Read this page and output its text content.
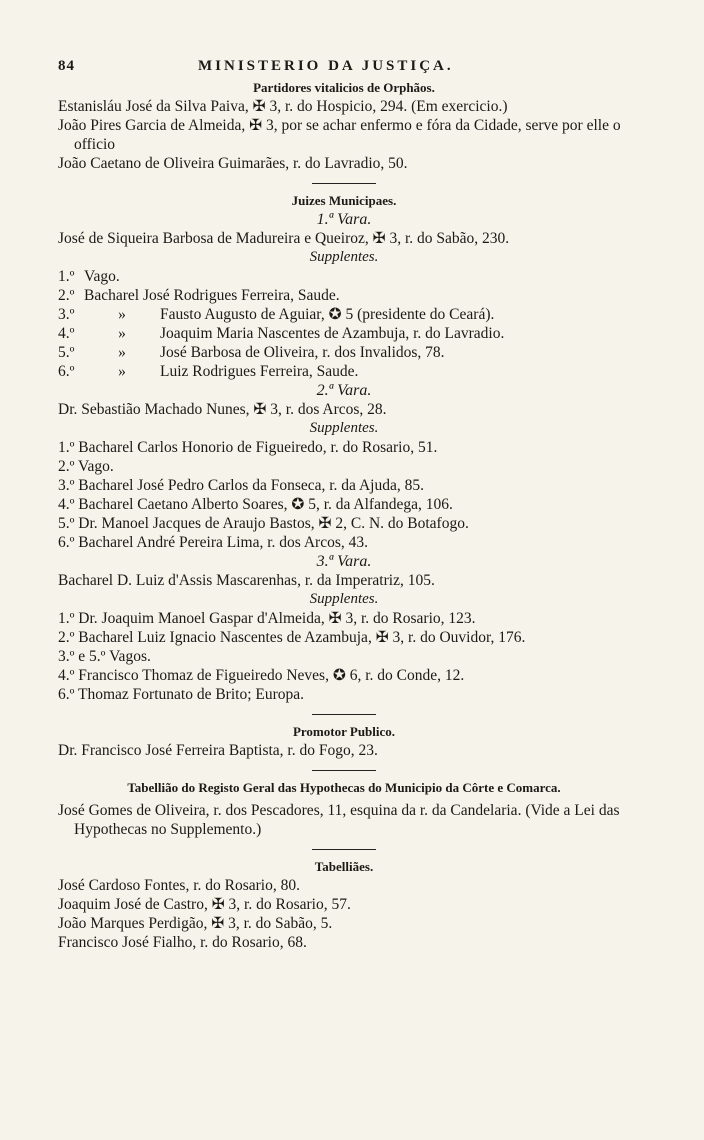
84	MINISTERIO DA JUSTIÇA.
Partidores vitalicios de Orphãos.
Estanisláu José da Silva Paiva, ✠ 3, r. do Hospicio, 294. (Em exercicio.)
João Pires Garcia de Almeida, ✠ 3, por se achar enfermo e fóra da Cidade, serve por elle o officio
João Caetano de Oliveira Guimarães, r. do Lavradio, 50.
Juizes Municipaes.
1.ª Vara.
José de Siqueira Barbosa de Madureira e Queiroz, ✠ 3, r. do Sabão, 230.
Supplentes.
1.º Vago.
2.º Bacharel José Rodrigues Ferreira, Saude.
3.º	» Fausto Augusto de Aguiar, ✪ 5 (presidente do Ceará).
4.º	» Joaquim Maria Nascentes de Azambuja, r. do Lavradio.
5.º	» José Barbosa de Oliveira, r. dos Invalidos, 78.
6.º	» Luiz Rodrigues Ferreira, Saude.
2.ª Vara.
Dr. Sebastião Machado Nunes, ✠ 3, r. dos Arcos, 28.
Supplentes.
1.º Bacharel Carlos Honorio de Figueiredo, r. do Rosario, 51.
2.º Vago.
3.º Bacharel José Pedro Carlos da Fonseca, r. da Ajuda, 85.
4.º Bacharel Caetano Alberto Soares, ✪ 5, r. da Alfandega, 106.
5.º Dr. Manoel Jacques de Araujo Bastos, ✠ 2, C. N. do Botafogo.
6.º Bacharel André Pereira Lima, r. dos Arcos, 43.
3.ª Vara.
Bacharel D. Luiz d'Assis Mascarenhas, r. da Imperatriz, 105.
Supplentes.
1.º Dr. Joaquim Manoel Gaspar d'Almeida, ✠ 3, r. do Rosario, 123.
2.º Bacharel Luiz Ignacio Nascentes de Azambuja, ✠ 3, r. do Ouvidor, 176.
3.º e 5.º Vagos.
4.º Francisco Thomaz de Figueiredo Neves, ✪ 6, r. do Conde, 12.
6.º Thomaz Fortunato de Brito; Europa.
Promotor Publico.
Dr. Francisco José Ferreira Baptista, r. do Fogo, 23.
Tabellião do Registo Geral das Hypothecas do Municipio da Côrte e Comarca.
José Gomes de Oliveira, r. dos Pescadores, 11, esquina da r. da Candelaria. (Vide a Lei das Hypothecas no Supplemento.)
Tabelliães.
José Cardoso Fontes, r. do Rosario, 80.
Joaquim José de Castro, ✠ 3, r. do Rosario, 57.
João Marques Perdigão, ✠ 3, r. do Sabão, 5.
Francisco José Fialho, r. do Rosario, 68.
